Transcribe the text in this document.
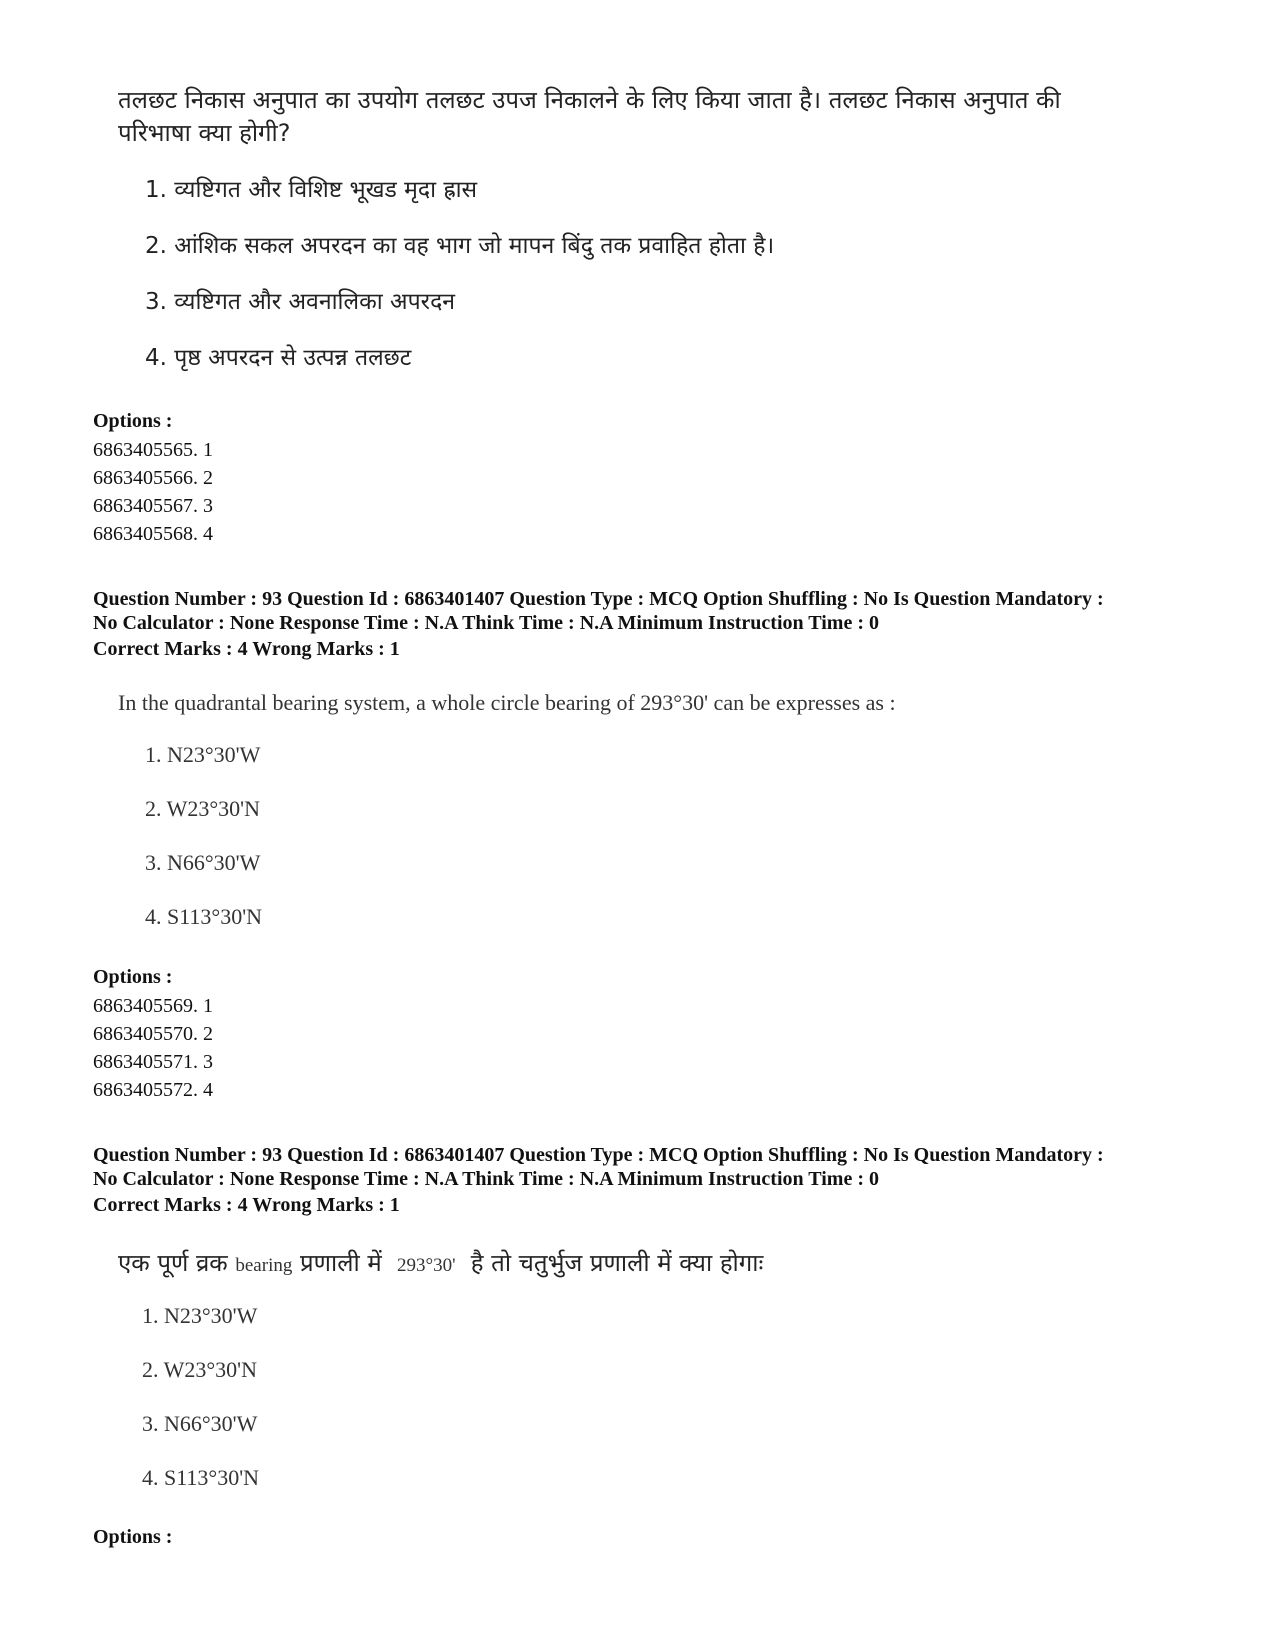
तलछट निकास अनुपात का उपयोग तलछट उपज निकालने के लिए किया जाता है। तलछट निकास अनुपात की
परिभाषा क्या होगी?
1. व्यष्टिगत और विशिष्ट भूखड मृदा ह्रास
2. आंशिक सकल अपरदन का वह भाग जो मापन बिंदु तक प्रवाहित होता है।
3. व्यष्टिगत और अवनालिका अपरदन
4. पृष्ठ अपरदन से उत्पन्न तलछट
Options :
6863405565. 1
6863405566. 2
6863405567. 3
6863405568. 4
Question Number : 93 Question Id : 6863401407 Question Type : MCQ Option Shuffling : No Is Question Mandatory :
No Calculator : None Response Time : N.A Think Time : N.A Minimum Instruction Time : 0
Correct Marks : 4 Wrong Marks : 1
In the quadrantal bearing system, a whole circle bearing of 293°30' can be expresses as :
1. N23°30'W
2. W23°30'N
3. N66°30'W
4. S113°30'N
Options :
6863405569. 1
6863405570. 2
6863405571. 3
6863405572. 4
Question Number : 93 Question Id : 6863401407 Question Type : MCQ Option Shuffling : No Is Question Mandatory :
No Calculator : None Response Time : N.A Think Time : N.A Minimum Instruction Time : 0
Correct Marks : 4 Wrong Marks : 1
एक पूर्ण व्रक bearing प्रणाली में 293°30' है तो चतुर्भुज प्रणाली में क्या होगाः
1. N23°30'W
2. W23°30'N
3. N66°30'W
4. S113°30'N
Options :
